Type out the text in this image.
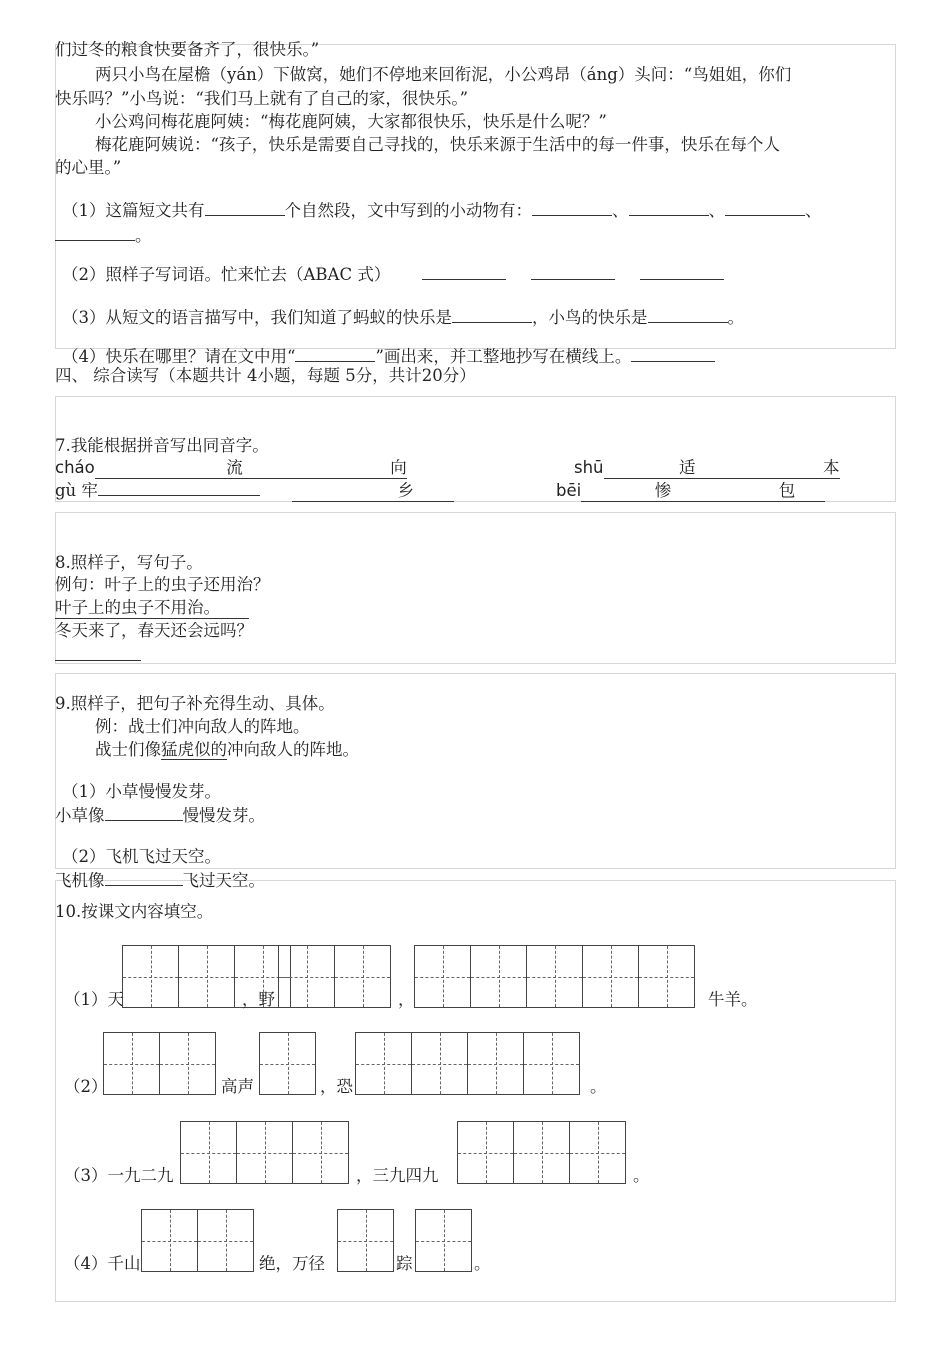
们过冬的粮食快要备齐了，很快乐。”
两只小鸟在屋檐（yán）下做窝，她们不停地来回衔泥，小公鸡昂（áng）头问：“鸟姐姐，你们
快乐吗？”小鸟说：“我们马上就有了自己的家，很快乐。”
小公鸡问梅花鹿阿姨：“梅花鹿阿姨，大家都很快乐，快乐是什么呢？”
梅花鹿阿姨说：“孩子，快乐是需要自己寻找的，快乐来源于生活中的每一件事，快乐在每个人
的心里。”
（1）这篇短文共有	个自然段，文中写到的小动物有：	、	、	、
。
（2）照样子写词语。忙来忙去（ABAC 式）
（3）从短文的语言描写中，我们知道了蚂蚁的快乐是	，小鸟的快乐是	。
（4）快乐在哪里？请在文中用“	”画出来，并工整地抄写在横线上。
四、 综合读写（本题共计 4小题，每题 5分，共计20分）
7.我能根据拼音写出同音字。
cháo	流	向	shū	适	本
gù 牢	乡	bēi	惨	包
8.照样子，写句子。
例句：叶子上的虫子还用治？
叶子上的虫子不用治。
冬天来了，春天还会远吗？
9.照样子，把句子补充得生动、具体。
例：战士们冲向敌人的阵地。
战士们像猛虎似的冲向敌人的阵地。
（1）小草慢慢发芽。
小草像	慢慢发芽。
（2）飞机飞过天空。
飞机像	飞过天空。
10.按课文内容填空。
（1）天	，野	，	牛羊。
（2）	高声	，恐	。
（3）一九二九	，三九四九	。
（4）千山	绝，万径	踪	。
